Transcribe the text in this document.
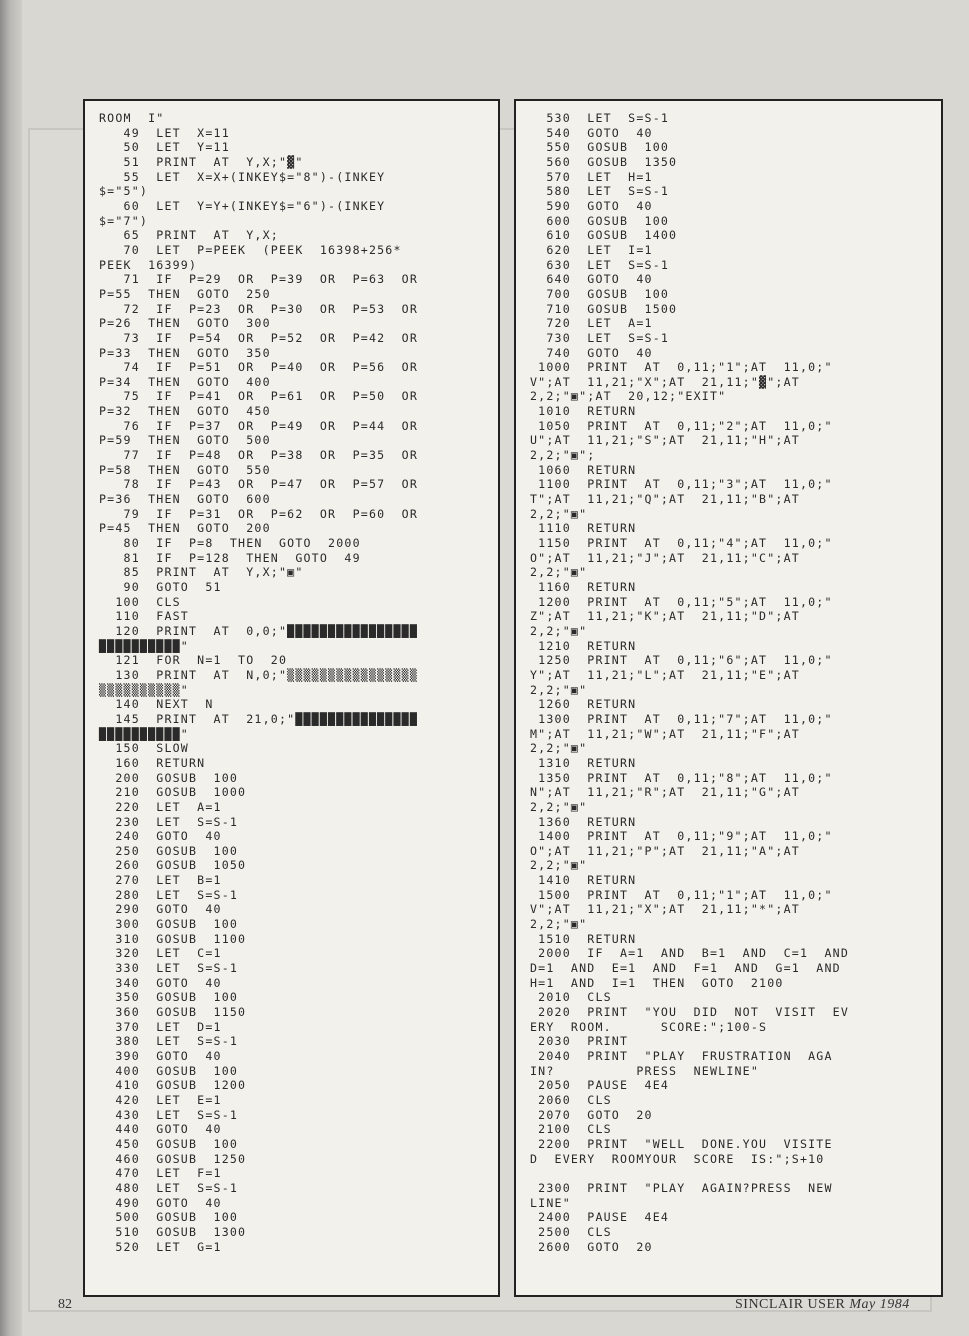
ROOM  I"
49  LET  X=11
50  LET  Y=11
51  PRINT  AT  Y,X;"▓"
55  LET  X=X+(INKEY$="8")-(INKEY
$="5")
60  LET  Y=Y+(INKEY$="6")-(INKEY
$="7")
65  PRINT  AT  Y,X;
70  LET  P=PEEK  (PEEK  16398+256*
PEEK  16399)
71  IF  P=29  OR  P=39  OR  P=63  OR
P=55  THEN  GOTO  250
72  IF  P=23  OR  P=30  OR  P=53  OR
P=26  THEN  GOTO  300
73  IF  P=54  OR  P=52  OR  P=42  OR
P=33  THEN  GOTO  350
74  IF  P=51  OR  P=40  OR  P=56  OR
P=34  THEN  GOTO  400
75  IF  P=41  OR  P=61  OR  P=50  OR
P=32  THEN  GOTO  450
76  IF  P=37  OR  P=49  OR  P=44  OR
P=59  THEN  GOTO  500
77  IF  P=48  OR  P=38  OR  P=35  OR
P=58  THEN  GOTO  550
78  IF  P=43  OR  P=47  OR  P=57  OR
P=36  THEN  GOTO  600
79  IF  P=31  OR  P=62  OR  P=60  OR
P=45  THEN  GOTO  200
80  IF  P=8  THEN  GOTO  2000
81  IF  P=128  THEN  GOTO  49
85  PRINT  AT  Y,X;"▣"
90  GOTO  51
100  CLS
110  FAST
120  PRINT  AT  0,0;"████████████████
██████████"
121  FOR  N=1  TO  20
130  PRINT  AT  N,0;"▒▒▒▒▒▒▒▒▒▒▒▒▒▒▒▒
▒▒▒▒▒▒▒▒▒▒"
140  NEXT  N
145  PRINT  AT  21,0;"███████████████
██████████"
150  SLOW
160  RETURN
200  GOSUB  100
210  GOSUB  1000
220  LET  A=1
230  LET  S=S-1
240  GOTO  40
250  GOSUB  100
260  GOSUB  1050
270  LET  B=1
280  LET  S=S-1
290  GOTO  40
300  GOSUB  100
310  GOSUB  1100
320  LET  C=1
330  LET  S=S-1
340  GOTO  40
350  GOSUB  100
360  GOSUB  1150
370  LET  D=1
380  LET  S=S-1
390  GOTO  40
400  GOSUB  100
410  GOSUB  1200
420  LET  E=1
430  LET  S=S-1
440  GOTO  40
450  GOSUB  100
460  GOSUB  1250
470  LET  F=1
480  LET  S=S-1
490  GOTO  40
500  GOSUB  100
510  GOSUB  1300
520  LET  G=1

530  LET  S=S-1
540  GOTO  40
550  GOSUB  100
560  GOSUB  1350
570  LET  H=1
580  LET  S=S-1
590  GOTO  40
600  GOSUB  100
610  GOSUB  1400
620  LET  I=1
630  LET  S=S-1
640  GOTO  40
700  GOSUB  100
710  GOSUB  1500
720  LET  A=1
730  LET  S=S-1
740  GOTO  40
1000  PRINT  AT  0,11;"1";AT  11,0;"
V";AT  11,21;"X";AT  21,11;"▓";AT
2,2;"▣";AT  20,12;"EXIT"
1010  RETURN
1050  PRINT  AT  0,11;"2";AT  11,0;"
U";AT  11,21;"S";AT  21,11;"H";AT
2,2;"▣";
1060  RETURN
1100  PRINT  AT  0,11;"3";AT  11,0;"
T";AT  11,21;"Q";AT  21,11;"B";AT
2,2;"▣"
1110  RETURN
1150  PRINT  AT  0,11;"4";AT  11,0;"
O";AT  11,21;"J";AT  21,11;"C";AT
2,2;"▣"
1160  RETURN
1200  PRINT  AT  0,11;"5";AT  11,0;"
Z";AT  11,21;"K";AT  21,11;"D";AT
2,2;"▣"
1210  RETURN
1250  PRINT  AT  0,11;"6";AT  11,0;"
Y";AT  11,21;"L";AT  21,11;"E";AT
2,2;"▣"
1260  RETURN
1300  PRINT  AT  0,11;"7";AT  11,0;"
M";AT  11,21;"W";AT  21,11;"F";AT
2,2;"▣"
1310  RETURN
1350  PRINT  AT  0,11;"8";AT  11,0;"
N";AT  11,21;"R";AT  21,11;"G";AT
2,2;"▣"
1360  RETURN
1400  PRINT  AT  0,11;"9";AT  11,0;"
O";AT  11,21;"P";AT  21,11;"A";AT
2,2;"▣"
1410  RETURN
1500  PRINT  AT  0,11;"1";AT  11,0;"
V";AT  11,21;"X";AT  21,11;"*";AT
2,2;"▣"
1510  RETURN
2000  IF  A=1  AND  B=1  AND  C=1  AND
D=1  AND  E=1  AND  F=1  AND  G=1  AND
H=1  AND  I=1  THEN  GOTO  2100
2010  CLS
2020  PRINT  "YOU  DID  NOT  VISIT  EV
ERY  ROOM.      SCORE:";100-S
2030  PRINT
2040  PRINT  "PLAY  FRUSTRATION  AGA
IN?          PRESS  NEWLINE"
2050  PAUSE  4E4
2060  CLS
2070  GOTO  20
2100  CLS
2200  PRINT  "WELL  DONE.YOU  VISITE
D  EVERY  ROOMYOUR  SCORE  IS:";S+10

2300  PRINT  "PLAY  AGAIN?PRESS  NEW
LINE"
2400  PAUSE  4E4
2500  CLS
2600  GOTO  20

82	SINCLAIR USER May 1984
